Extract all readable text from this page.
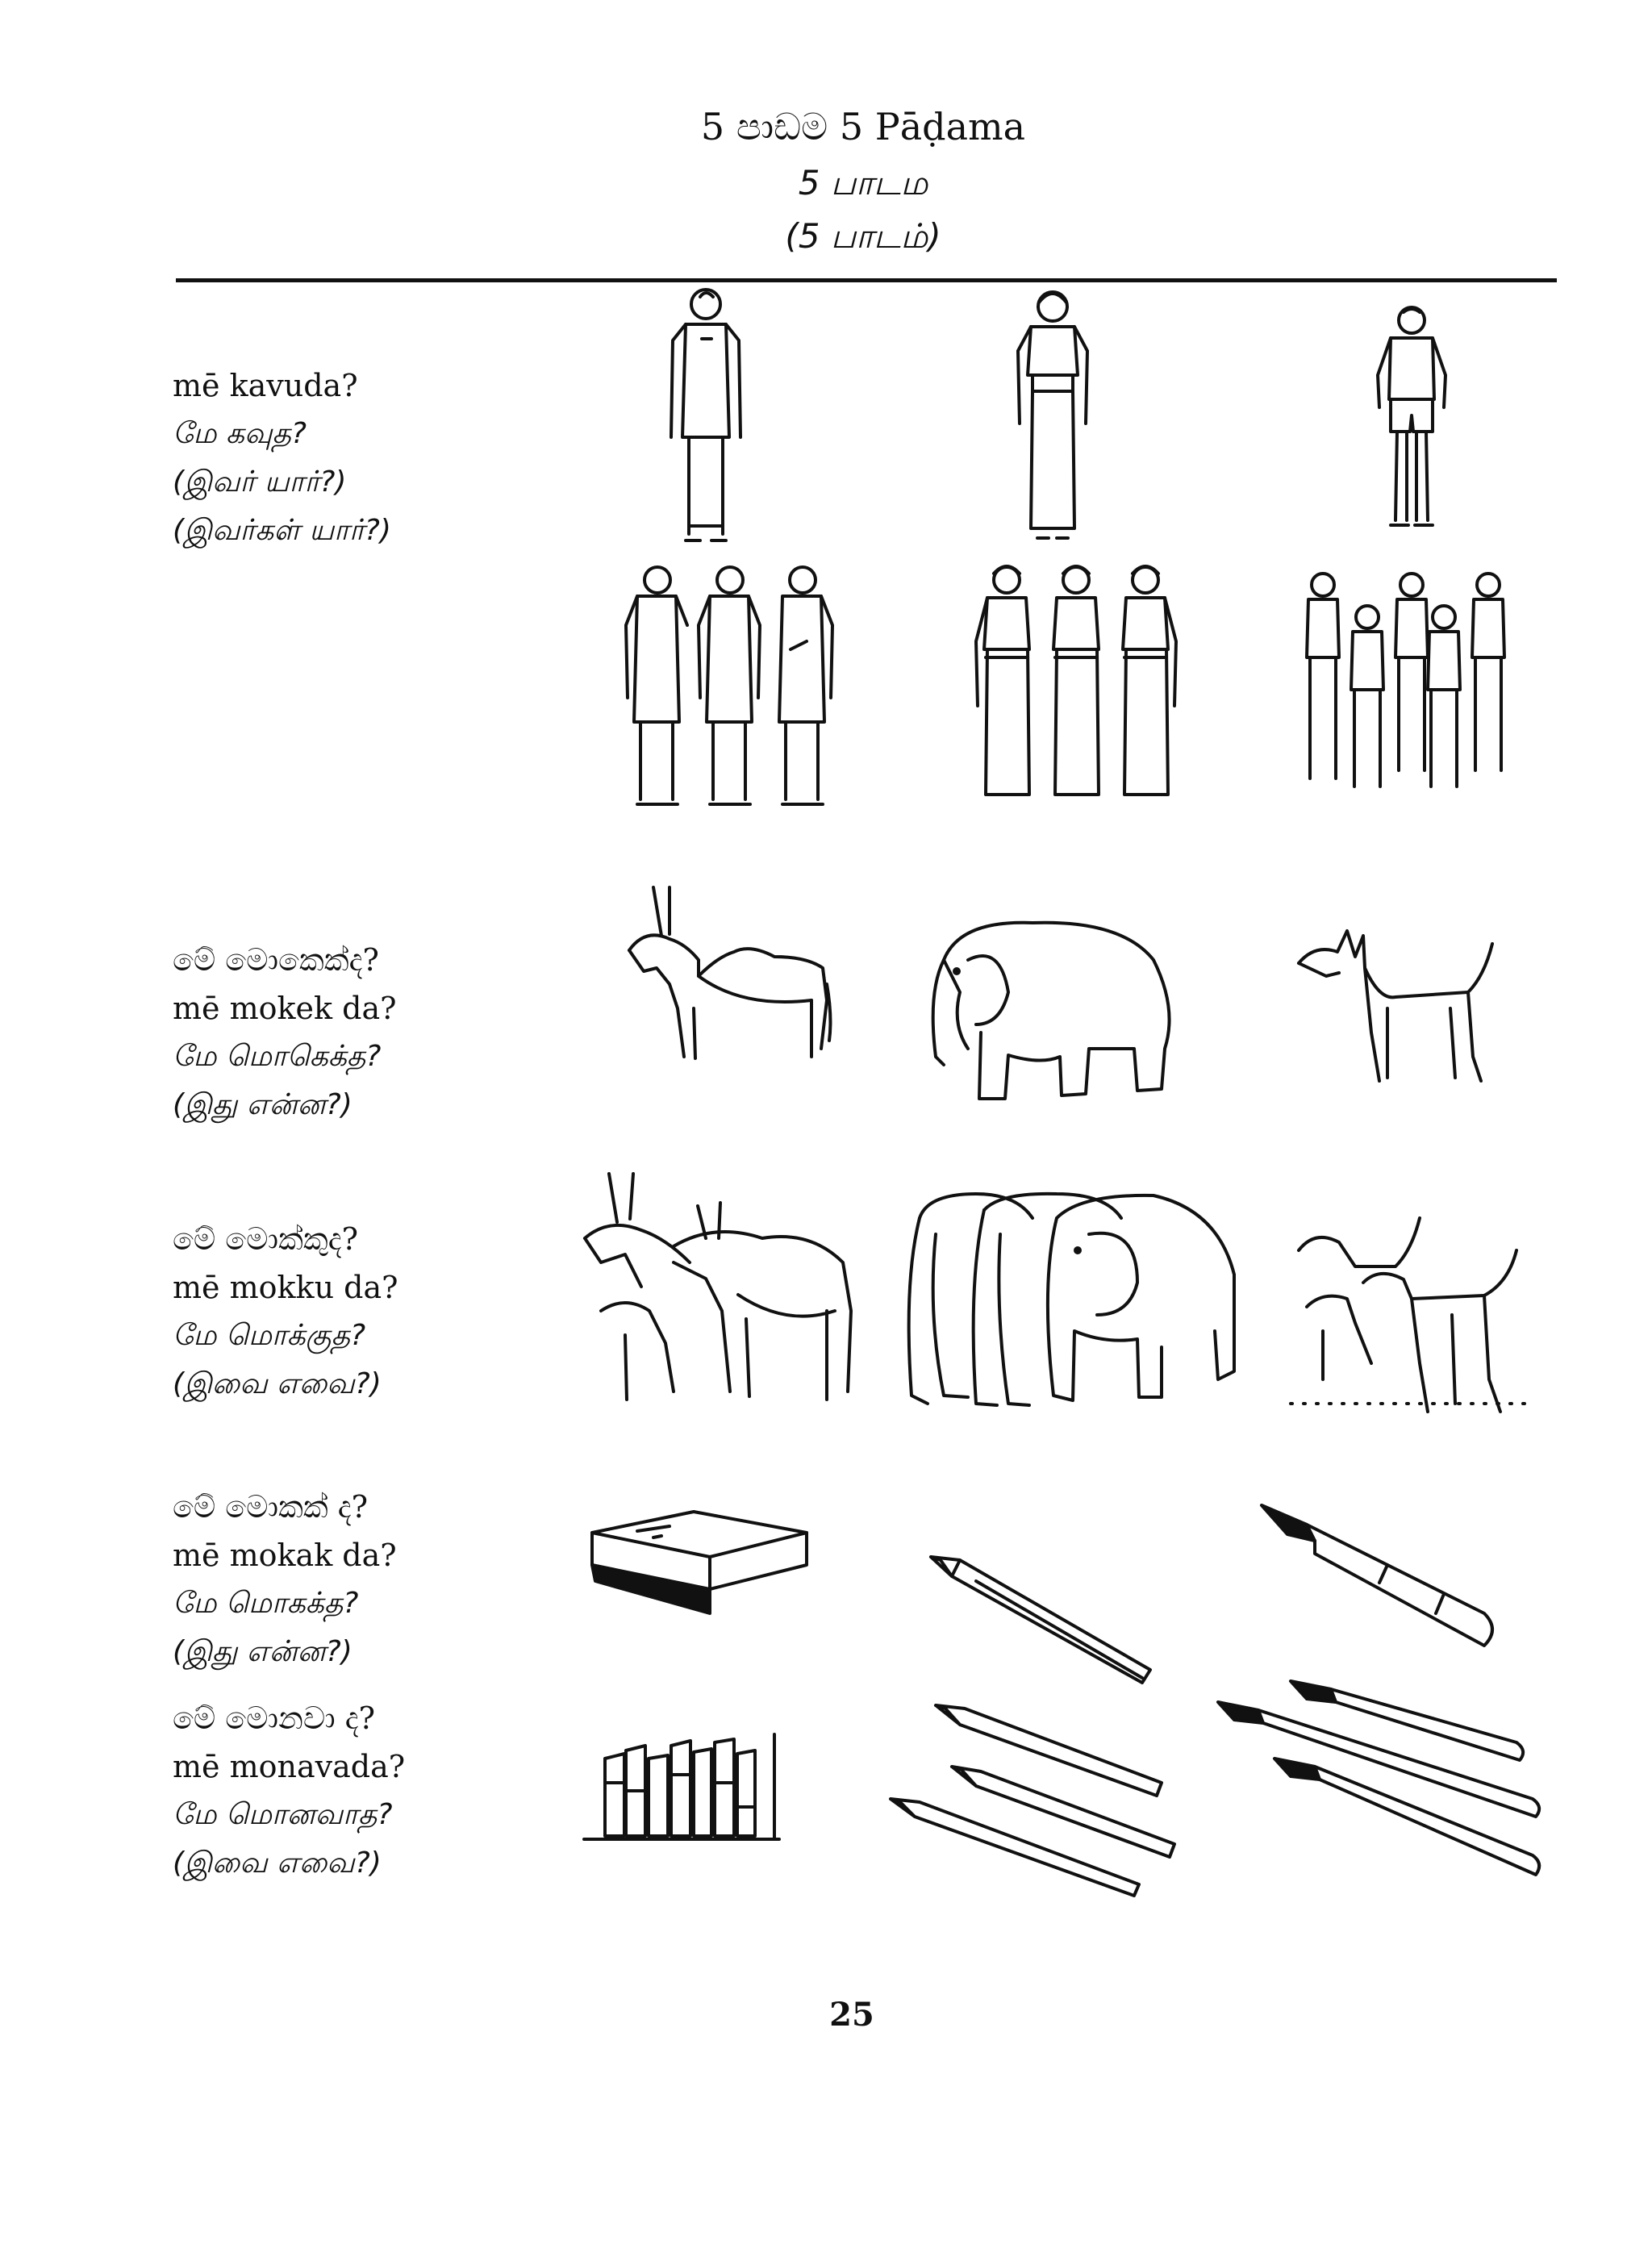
5 පාඩම 5 Pāḍama
5 பாடம
(5 பாடம்)
mē kavuda?
மே கவுத?
(இவர் யார்?)
(இவர்கள் யார்?)
මේ මොකෙක්ද?
mē mokek da?
மே மொகெக்த?
(இது என்ன?)
මේ මොක්කුද?
mē mokku da?
மே மொக்குத?
(இவை எவை?)
මේ මොකක් ද?
mē mokak da?
மே மொகக்த?
(இது என்ன?)
මේ මොනවා ද?
mē monavada?
மே மொனவாத?
(இவை எவை?)
25
